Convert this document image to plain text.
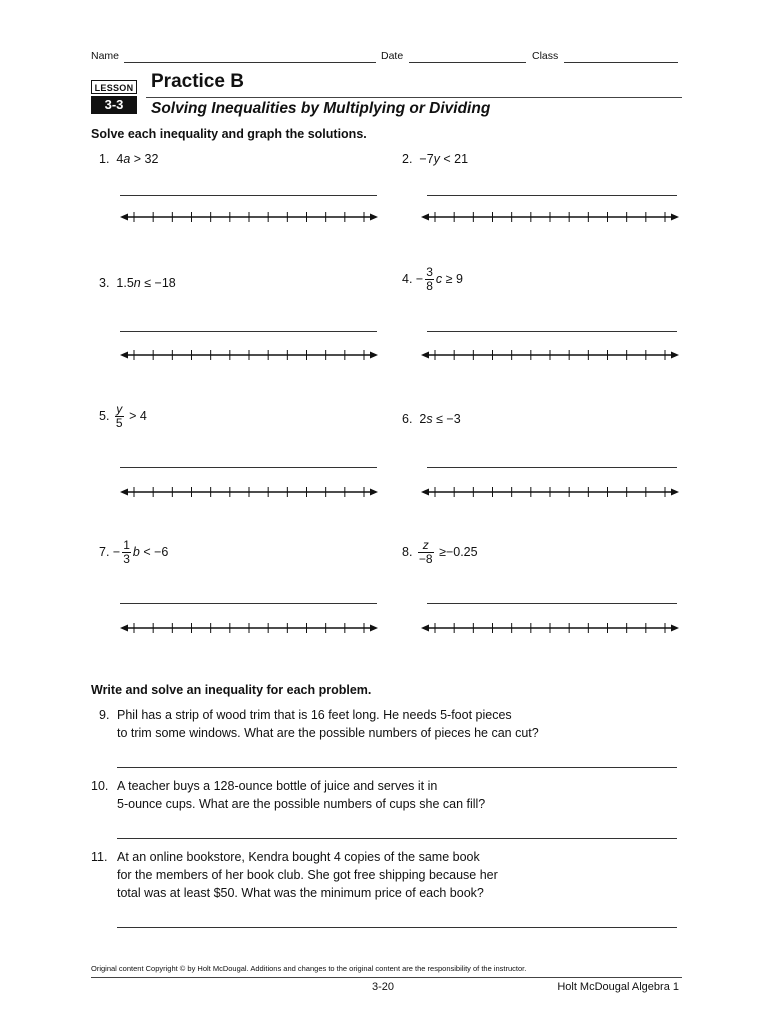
Name	Date	Class
LESSON
3-3
Practice B
Solving Inequalities by Multiplying or Dividing
Solve each inequality and graph the solutions.
1. 4a > 32	2. −7y < 21
3. 1.5n ≤ −18	4. − $\frac{3}{8}$ c ≥ 9
5. $\frac{y}{5} > 4$	6. 2s ≤ −3
7. − $\frac{1}{3}$ b < −6	8. $\frac{z}{-8} \ge-0.25$
Write and solve an inequality for each problem.
9. Phil has a strip of wood trim that is 16 feet long. He needs 5-foot pieces
to trim some windows. What are the possible numbers of pieces he can cut?
10. A teacher buys a 128-ounce bottle of juice and serves it in
5-ounce cups. What are the possible numbers of cups she can fill?
11. At an online bookstore, Kendra bought 4 copies of the same book
for the members of her book club. She got free shipping because her
total was at least $50. What was the minimum price of each book?
Original content Copyright © by Holt McDougal. Additions and changes to the original content are the responsibility of the instructor.
3-20	Holt McDougal Algebra 1
